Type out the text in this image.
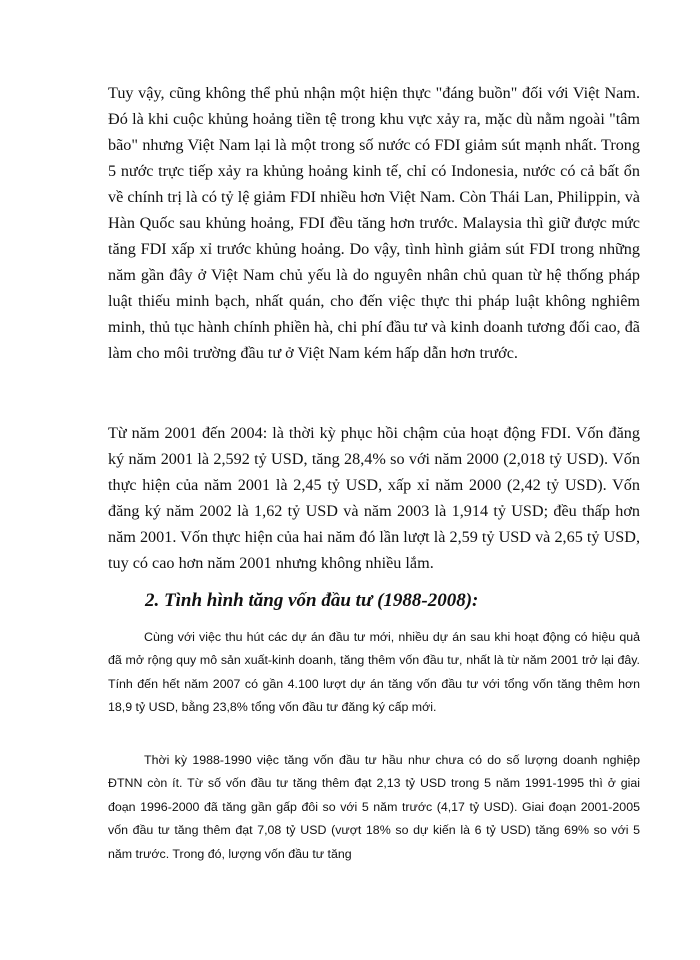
Tuy vậy, cũng không thể phủ nhận một hiện thực "đáng buồn" đối với Việt Nam. Đó là khi cuộc khủng hoảng tiền tệ trong khu vực xảy ra, mặc dù nằm ngoài "tâm bão" nhưng Việt Nam lại là một trong số nước có FDI giảm sút mạnh nhất. Trong 5 nước trực tiếp xảy ra khủng hoảng kinh tế, chỉ có Indonesia, nước có cả bất ổn về chính trị là có tỷ lệ giảm FDI nhiều hơn Việt Nam. Còn Thái Lan, Philippin, và Hàn Quốc sau khủng hoảng, FDI đều tăng hơn trước. Malaysia thì giữ được mức tăng FDI xấp xỉ trước khủng hoảng. Do vậy, tình hình giảm sút FDI trong những năm gần đây ở Việt Nam chủ yếu là do nguyên nhân chủ quan từ hệ thống pháp luật thiếu minh bạch, nhất quán, cho đến việc thực thi pháp luật không nghiêm minh, thủ tục hành chính phiền hà, chi phí đầu tư và kinh doanh tương đối cao, đã làm cho môi trường đầu tư ở Việt Nam kém hấp dẫn hơn trước.

Từ năm 2001 đến 2004: là thời kỳ phục hồi chậm của hoạt động FDI. Vốn đăng ký năm 2001 là 2,592 tỷ USD, tăng 28,4% so với năm 2000 (2,018 tỷ USD). Vốn thực hiện của năm 2001 là 2,45 tỷ USD, xấp xỉ năm 2000 (2,42 tỷ USD). Vốn đăng ký năm 2002 là 1,62 tỷ USD và năm 2003 là 1,914 tỷ USD; đều thấp hơn năm 2001. Vốn thực hiện của hai năm đó lần lượt là 2,59 tỷ USD và 2,65 tỷ USD, tuy có cao hơn năm 2001 nhưng không nhiều lắm.

2. Tình hình tăng vốn đầu tư (1988-2008):

Cùng với việc thu hút các dự án đầu tư mới, nhiều dự án sau khi hoạt động có hiệu quả đã mở rộng quy mô sản xuất-kinh doanh, tăng thêm vốn đầu tư, nhất là từ năm 2001 trở lại đây. Tính đến hết năm 2007 có gần 4.100 lượt dự án tăng vốn đầu tư với tổng vốn tăng thêm hơn 18,9 tỷ USD, bằng 23,8% tổng vốn đầu tư đăng ký cấp mới.

Thời kỳ 1988-1990 việc tăng vốn đầu tư hầu như chưa có do số lượng doanh nghiệp ĐTNN còn ít. Từ số vốn đầu tư tăng thêm đạt 2,13 tỷ USD trong 5 năm 1991-1995 thì ở giai đoạn 1996-2000 đã tăng gần gấp đôi so với 5 năm trước (4,17 tỷ USD). Giai đoạn 2001-2005 vốn đầu tư tăng thêm đạt 7,08 tỷ USD (vượt 18% so dự kiến là 6 tỷ USD) tăng 69% so với 5 năm trước. Trong đó, lượng vốn đầu tư tăng
